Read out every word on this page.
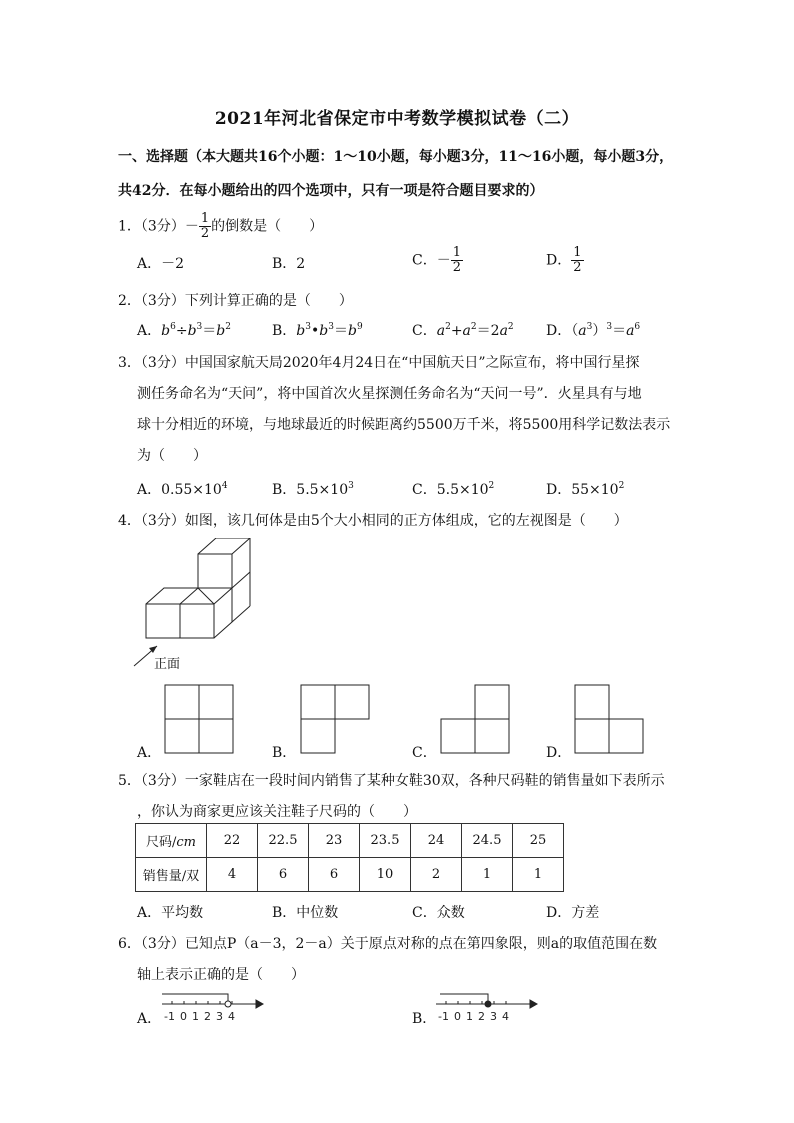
2021年河北省保定市中考数学模拟试卷（二）
一、选择题（本大题共16个小题：1～10小题，每小题3分，11～16小题，每小题3分，
共42分．在每小题给出的四个选项中，只有一项是符合题目要求的）
1．（3分）－ $\frac{1}{2}$ 的倒数是（　　）
A．－2	B．2	C．－ $\frac{1}{2}$	D． $\frac{1}{2}$
2．（3分）下列计算正确的是（　　）
A．$b^6\div b^3=b^2$	B．$b^3•b^3=b^9$	C．$a^2+a^2=2a^2$ D．$(a^3)^3=a^6$
3．（3分）中国国家航天局2020年4月24日在“中国航天日”之际宣布，将中国行星探
测任务命名为“天问”，将中国首次火星探测任务命名为“天问一号”．火星具有与地
球十分相近的环境，与地球最近的时候距离约5500万千米，将5500用科学记数法表示
为（　　）
A．$0.55\times 10^4$	B．$5.5\times 10^3$	C．$5.5\times 10^2$	D．$55\times 10^2$
4．（3分）如图，该几何体是由5个大小相同的正方体组成，它的左视图是（　　）
正面
A．	B．	C．	D．
5．（3分）一家鞋店在一段时间内销售了某种女鞋30双，各种尺码鞋的销售量如下表所示
，你认为商家更应该关注鞋子尺码的（　　）
尺码/cm	22	22.5	23	23.5	24	24.5	25
销售量/双	4	6	6	10	2	1	1
A．平均数	B．中位数	C．众数	D．方差
6．（3分）已知点P（a－3，2－a）关于原点对称的点在第四象限，则a的取值范围在数
轴上表示正确的是（　　）
A． -1 0 1 2 3 4	B． -1 0 1 2 3 4
